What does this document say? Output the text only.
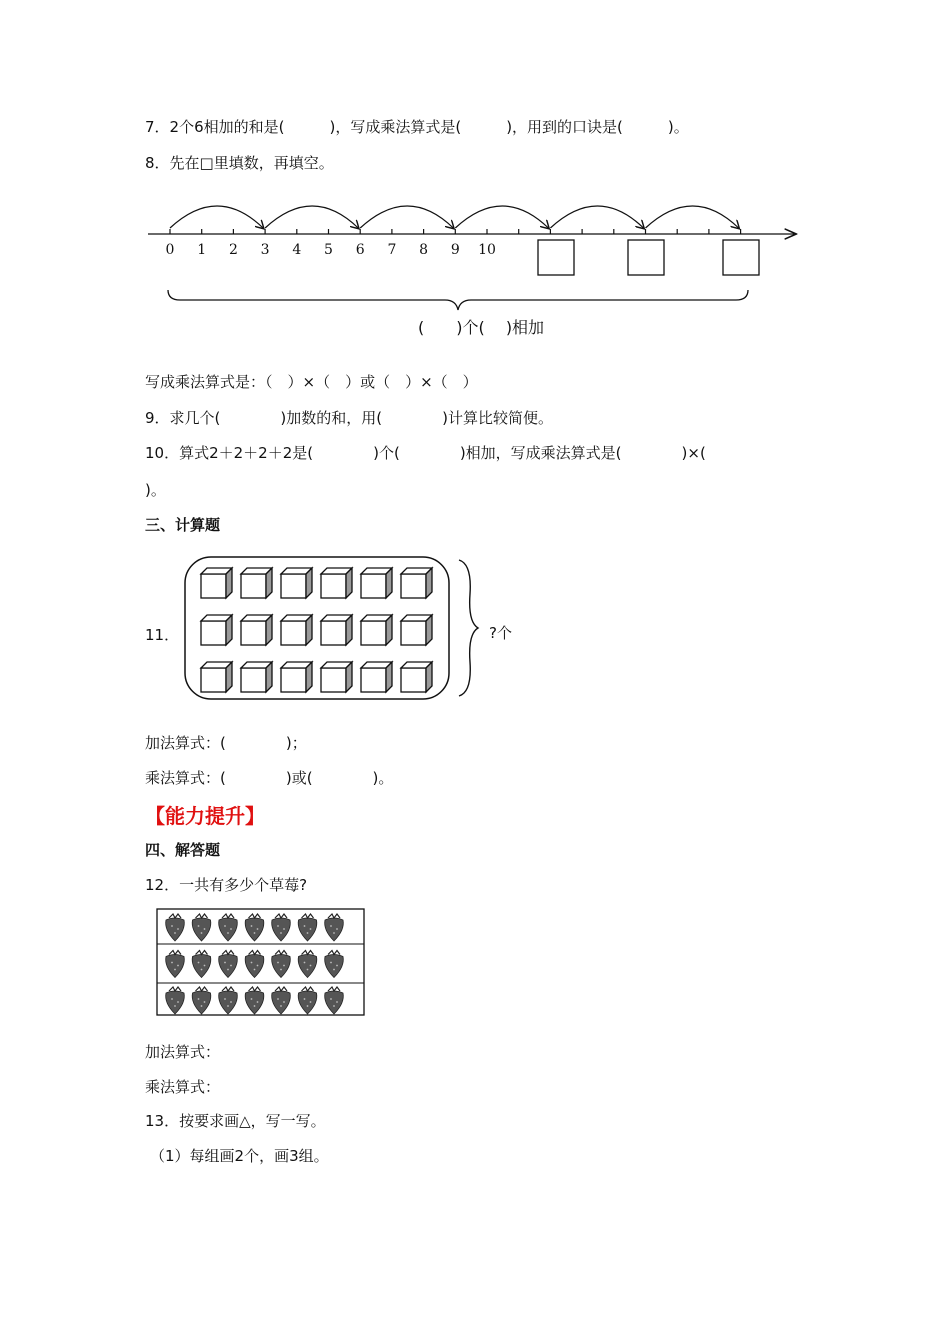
7．2个6相加的和是(　　　)，写成乘法算式是(　　　)，用到的口诀是(　　　)。
8．先在□里填数，再填空。
0 1 2 3 4 5 6 7 8 9 10
(　　)个(　 )相加
写成乘法算式是：（　）×（　）或（　）×（　）
9．求几个(　　　　)加数的和，用(　　　　)计算比较简便。
10．算式2＋2＋2＋2是(　　　　)个(　　　　)相加，写成乘法算式是(　　　　)×(
)。
三、计算题
11．	?个
加法算式：(　　　　)；
乘法算式：(　　　　)或(　　　　)。
【能力提升】
四、解答题
12．一共有多少个草莓?
加法算式：
乘法算式：
13．按要求画△，写一写。
（1）每组画2个，画3组。
